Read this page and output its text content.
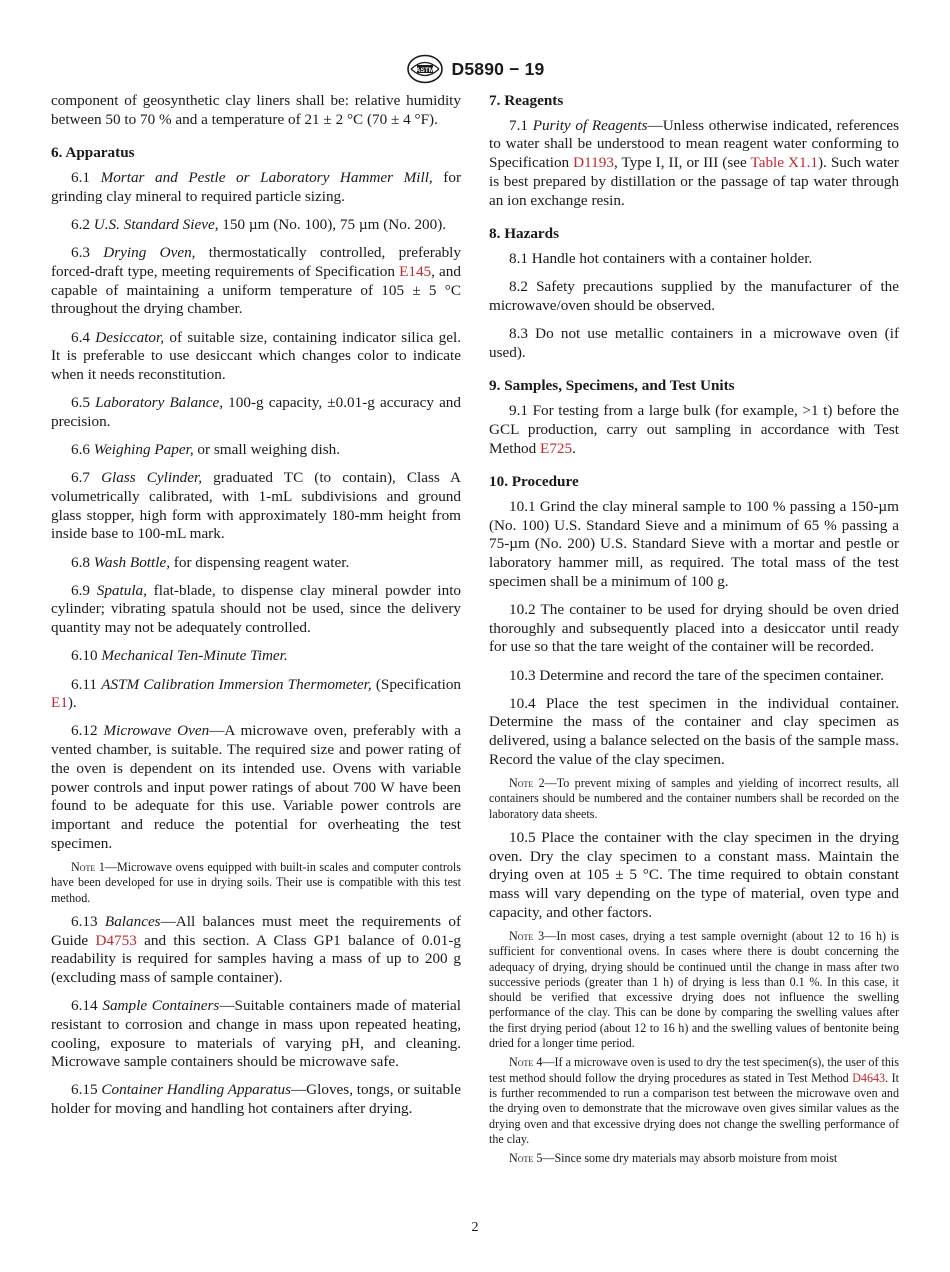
ASTM D5890 − 19

component of geosynthetic clay liners shall be: relative humidity between 50 to 70 % and a temperature of 21 ± 2 °C (70 ± 4 °F).

6. Apparatus

6.1 Mortar and Pestle or Laboratory Hammer Mill, for grinding clay mineral to required particle sizing.

6.2 U.S. Standard Sieve, 150 µm (No. 100), 75 µm (No. 200).

6.3 Drying Oven, thermostatically controlled, preferably forced-draft type, meeting requirements of Specification E145, and capable of maintaining a uniform temperature of 105 ± 5 °C throughout the drying chamber.

6.4 Desiccator, of suitable size, containing indicator silica gel. It is preferable to use desiccant which changes color to indicate when it needs reconstitution.

6.5 Laboratory Balance, 100-g capacity, ±0.01-g accuracy and precision.

6.6 Weighing Paper, or small weighing dish.

6.7 Glass Cylinder, graduated TC (to contain), Class A volumetrically calibrated, with 1-mL subdivisions and ground glass stopper, high form with approximately 180-mm height from inside base to 100-mL mark.

6.8 Wash Bottle, for dispensing reagent water.

6.9 Spatula, flat-blade, to dispense clay mineral powder into cylinder; vibrating spatula should not be used, since the delivery quantity may not be adequately controlled.

6.10 Mechanical Ten-Minute Timer.

6.11 ASTM Calibration Immersion Thermometer, (Specification E1).

6.12 Microwave Oven—A microwave oven, preferably with a vented chamber, is suitable. The required size and power rating of the oven is dependent on its intended use. Ovens with variable power controls and input power ratings of about 700 W have been found to be adequate for this use. Variable power controls are important and reduce the potential for overheating the test specimen.

Note 1—Microwave ovens equipped with built-in scales and computer controls have been developed for use in drying soils. Their use is compatible with this test method.

6.13 Balances—All balances must meet the requirements of Guide D4753 and this section. A Class GP1 balance of 0.01-g readability is required for samples having a mass of up to 200 g (excluding mass of sample container).

6.14 Sample Containers—Suitable containers made of material resistant to corrosion and change in mass upon repeated heating, cooling, exposure to materials of varying pH, and cleaning. Microwave sample containers should be microwave safe.

6.15 Container Handling Apparatus—Gloves, tongs, or suitable holder for moving and handling hot containers after drying.

7. Reagents

7.1 Purity of Reagents—Unless otherwise indicated, references to water shall be understood to mean reagent water conforming to Specification D1193, Type I, II, or III (see Table X1.1). Such water is best prepared by distillation or the passage of tap water through an ion exchange resin.

8. Hazards

8.1 Handle hot containers with a container holder.

8.2 Safety precautions supplied by the manufacturer of the microwave/oven should be observed.

8.3 Do not use metallic containers in a microwave oven (if used).

9. Samples, Specimens, and Test Units

9.1 For testing from a large bulk (for example, >1 t) before the GCL production, carry out sampling in accordance with Test Method E725.

10. Procedure

10.1 Grind the clay mineral sample to 100 % passing a 150-µm (No. 100) U.S. Standard Sieve and a minimum of 65 % passing a 75-µm (No. 200) U.S. Standard Sieve with a mortar and pestle or laboratory hammer mill, as required. The total mass of the test specimen shall be a minimum of 100 g.

10.2 The container to be used for drying should be oven dried thoroughly and subsequently placed into a desiccator until ready for use so that the tare weight of the container will be recorded.

10.3 Determine and record the tare of the specimen container.

10.4 Place the test specimen in the individual container. Determine the mass of the container and clay specimen as delivered, using a balance selected on the basis of the sample mass. Record the value of the clay specimen.

Note 2—To prevent mixing of samples and yielding of incorrect results, all containers should be numbered and the container numbers shall be recorded on the laboratory data sheets.

10.5 Place the container with the clay specimen in the drying oven. Dry the clay specimen to a constant mass. Maintain the drying oven at 105 ± 5 °C. The time required to obtain constant mass will vary depending on the type of material, oven type and capacity, and other factors.

Note 3—In most cases, drying a test sample overnight (about 12 to 16 h) is sufficient for conventional ovens. In cases where there is doubt concerning the adequacy of drying, drying should be continued until the change in mass after two successive periods (greater than 1 h) of drying is less than 0.1 %. In this case, it should be verified that excessive drying does not influence the swelling performance of the clay. This can be done by comparing the swelling values after the first drying period (about 12 to 16 h) and the swelling values of bentonite being dried for a longer time period.

Note 4—If a microwave oven is used to dry the test specimen(s), the user of this test method should follow the drying procedures as stated in Test Method D4643. It is further recommended to run a comparison test between the microwave oven and the drying oven to demonstrate that the microwave oven gives similar values as the drying oven and that excessive drying does not change the swelling performance of the clay.

Note 5—Since some dry materials may absorb moisture from moist

2
